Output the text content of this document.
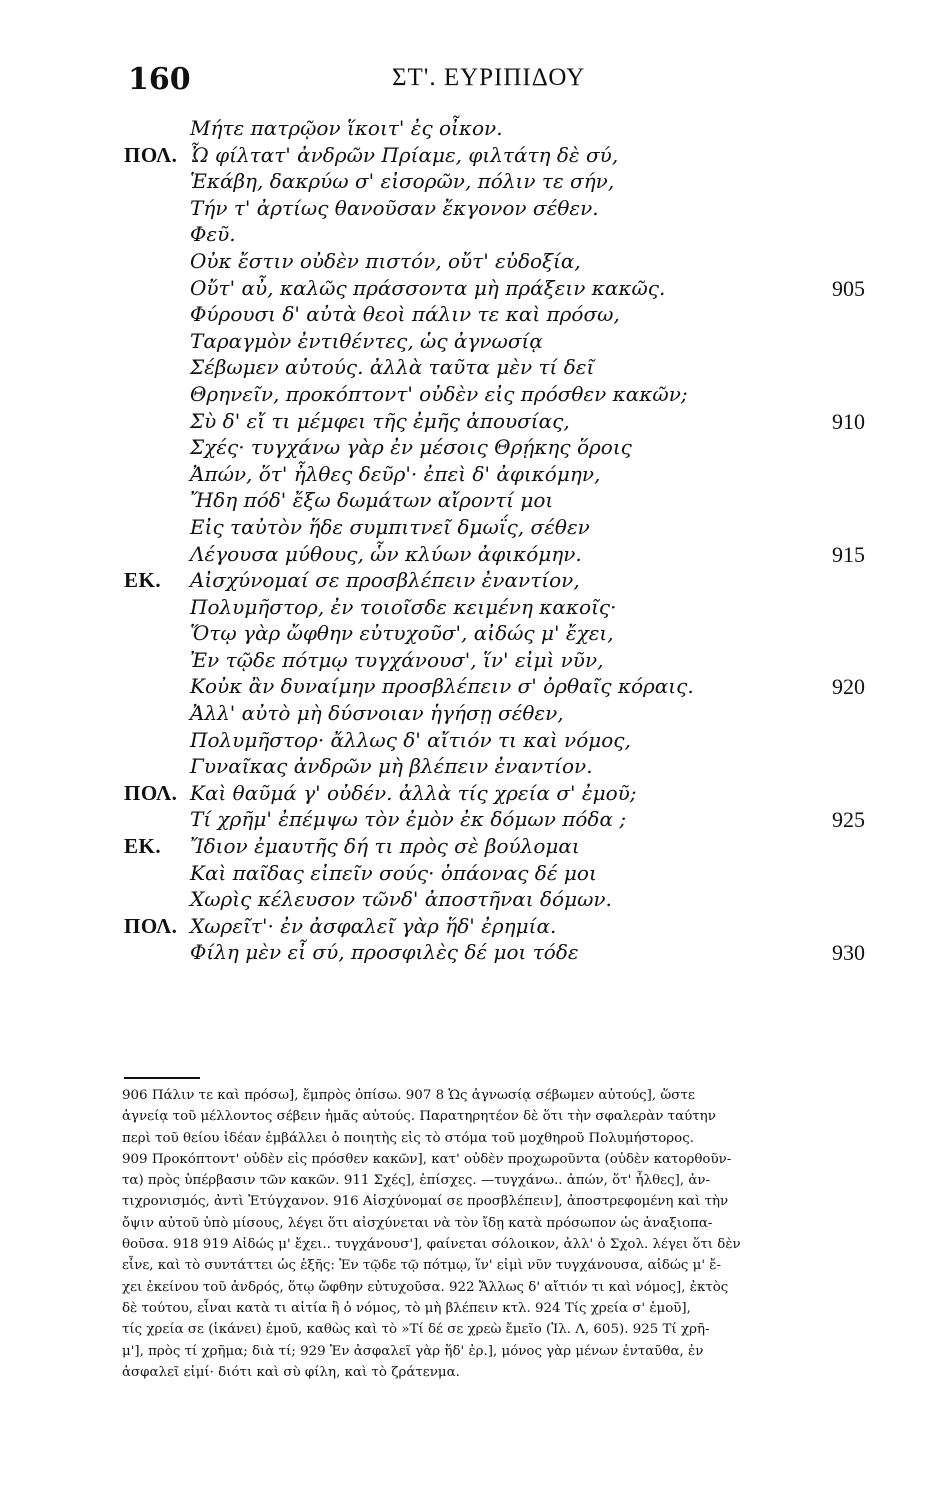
160	ΣΤ'. ΕΥΡΙΠΙΔΟΥ
Μήτε πατρῷον ἵκοιτ' ἐς οἶκον.
ΠΟΛ. Ὦ φίλτατ' ἀνδρῶν Πρίαμε, φιλτάτη δὲ σύ,
Ἑκάβη, δακρύω σ' εἰσορῶν, πόλιν τε σήν,
Τήν τ' ἀρτίως θανοῦσαν ἔκγονον σέθεν.
Φεῦ.
Οὐκ ἔστιν οὐδὲν πιστόν, οὔτ' εὐδοξία,
Οὔτ' αὖ, καλῶς πράσσοντα μὴ πράξειν κακῶς.	905
Φύρουσι δ' αὐτὰ θεοὶ πάλιν τε καὶ πρόσω,
Ταραγμὸν ἐντιθέντες, ὡς ἀγνωσίᾳ
Σέβωμεν αὐτούς. ἀλλὰ ταῦτα μὲν τί δεῖ
Θρηνεῖν, προκόπτοντ' οὐδὲν εἰς πρόσθεν κακῶν;
Σὺ δ' εἴ τι μέμφει τῆς ἐμῆς ἀπουσίας,	910
Σχές· τυγχάνω γὰρ ἐν μέσοις Θρῄκης ὅροις
Ἀπών, ὅτ' ἦλθες δεῦρ'· ἐπεὶ δ' ἀφικόμην,
Ἤδη πόδ' ἔξω δωμάτων αἴροντί μοι
Εἰς ταὐτὸν ἥδε συμπιτνεῖ δμωΐς, σέθεν
Λέγουσα μύθους, ὧν κλύων ἀφικόμην.	915
ΕΚ. Αἰσχύνομαί σε προσβλέπειν ἐναντίον,
Πολυμῆστορ, ἐν τοιοῖσδε κειμένη κακοῖς·
Ὅτῳ γὰρ ὤφθην εὐτυχοῦσ', αἰδώς μ' ἔχει,
Ἐν τῷδε πότμῳ τυγχάνουσ', ἵν' εἰμὶ νῦν,
Κοὐκ ἂν δυναίμην προσβλέπειν σ' ὀρθαῖς κόραις.	920
Ἀλλ' αὐτὸ μὴ δύσνοιαν ἡγήσῃ σέθεν,
Πολυμῆστορ· ἄλλως δ' αἴτιόν τι καὶ νόμος,
Γυναῖκας ἀνδρῶν μὴ βλέπειν ἐναντίον.
ΠΟΛ. Καὶ θαῦμά γ' οὐδέν. ἀλλὰ τίς χρεία σ' ἐμοῦ;
Τί χρῆμ' ἐπέμψω τὸν ἐμὸν ἐκ δόμων πόδα ;	925
ΕΚ. Ἴδιον ἐμαυτῆς δή τι πρὸς σὲ βούλομαι
Καὶ παῖδας εἰπεῖν σούς· ὀπάονας δέ μοι
Χωρὶς κέλευσον τῶνδ' ἀποστῆναι δόμων.
ΠΟΛ. Χωρεῖτ'· ἐν ἀσφαλεῖ γὰρ ἥδ' ἐρημία.
Φίλη μὲν εἶ σύ, προσφιλὲς δέ μοι τόδε	930
906 Πάλιν τε καὶ πρόσω], ἔμπρὸς ὀπίσω. 907 8 Ὡς ἀγνωσίᾳ σέβωμεν αὐτούς], ὥστε
ἀγνείᾳ τοῦ μέλλοντος σέβειν ἡμᾶς αὐτούς. Παρατηρητέον δὲ ὅτι τὴν σφαλερὰν ταύτην
περὶ τοῦ θείου ἰδέαν ἐμβάλλει ὁ ποιητὴς εἰς τὸ στόμα τοῦ μοχθηροῦ Πολυμήστορος.
909 Προκόπτοντ' οὐδὲν εἰς πρόσθεν κακῶν], κατ' οὐδὲν προχωροῦντα (οὐδὲν κατορθοῦν-
τα) πρὸς ὑπέρβασιν τῶν κακῶν. 911 Σχές], ἐπίσχες. —τυγχάνω.. ἀπών, ὅτ' ἦλθες], ἀν-
τιχρονισμός, ἀντὶ Ἐτύγχανον. 916 Αἰσχύνομαί σε προσβλέπειν], ἀποστρεφομένη καὶ τὴν
ὄψιν αὐτοῦ ὑπὸ μίσους, λέγει ὅτι αἰσχύνεται νὰ τὸν ἴδῃ κατὰ πρόσωπον ὡς ἀναξιοπα-
θοῦσα. 918 919 Αἰδώς μ' ἔχει.. τυγχάνουσ'], φαίνεται σόλοικον, ἀλλ' ὁ Σχολ. λέγει ὅτι δὲν
εἶνε, καὶ τὸ συντάττει ὡς ἑξῆς: Ἐν τῷδε τῷ πότμῳ, ἵν' εἰμὶ νῦν τυγχάνουσα, αἰδώς μ' ἔ-
χει ἐκείνου τοῦ ἀνδρός, ὅτῳ ὤφθην εὐτυχοῦσα. 922 Ἄλλως δ' αἴτιόν τι καὶ νόμος], ἐκτὸς
δὲ τούτου, εἶναι κατὰ τι αἰτία ἢ ὁ νόμος, τὸ μὴ βλέπειν κτλ. 924 Τίς χρεία σ' ἐμοῦ],
τίς χρεία σε (ἱκάνει) ἐμοῦ, καθὼς καὶ τὸ »Τί δέ σε χρεὼ ἔμεῖο (Ἰλ. Λ, 605). 925 Τί χρῆ-
μ'], πρὸς τί χρῆμα; διὰ τί; 929 Ἐν ἀσφαλεῖ γὰρ ἥδ' ἐρ.], μόνος γὰρ μένων ἐνταῦθα, ἐν
ἀσφαλεῖ εἰμί· διότι καὶ σὺ φίλη, καὶ τὸ ζράτενμα.
